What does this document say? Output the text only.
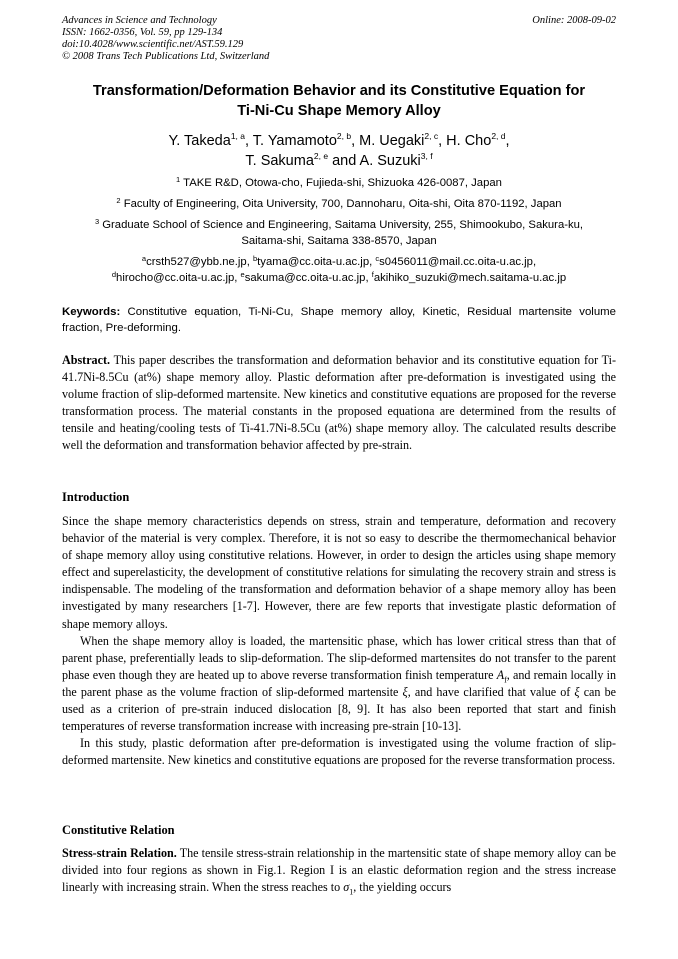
Advances in Science and Technology
ISSN: 1662-0356, Vol. 59, pp 129-134
doi:10.4028/www.scientific.net/AST.59.129
© 2008 Trans Tech Publications Ltd, Switzerland
Online: 2008-09-02
Transformation/Deformation Behavior and its Constitutive Equation for
Ti-Ni-Cu Shape Memory Alloy
Y. Takeda$^{1, a}$, T. Yamamoto$^{2, b}$, M. Uegaki$^{2, c}$, H. Cho$^{2, d}$,
T. Sakuma$^{2, e}$ and A. Suzuki$^{3, f}$
$^1$ TAKE R&D, Otowa-cho, Fujieda-shi, Shizuoka 426-0087, Japan
$^2$ Faculty of Engineering, Oita University, 700, Dannoharu, Oita-shi, Oita 870-1192, Japan
$^3$ Graduate School of Science and Engineering, Saitama University, 255, Shimookubo, Sakura-ku,
Saitama-shi, Saitama 338-8570, Japan
$^a$crsth527@ybb.ne.jp, $^b$tyama@cc.oita-u.ac.jp, $^c$s0456011@mail.cc.oita-u.ac.jp,
$^d$hirocho@cc.oita-u.ac.jp, $^e$sakuma@cc.oita-u.ac.jp, $^f$akihiko_suzuki@mech.saitama-u.ac.jp
Keywords: Constitutive equation, Ti-Ni-Cu, Shape memory alloy, Kinetic, Residual martensite volume fraction, Pre-deforming.

Abstract. This paper describes the transformation and deformation behavior and its constitutive equation for Ti-41.7Ni-8.5Cu (at%) shape memory alloy. Plastic deformation after pre-deformation is investigated using the volume fraction of slip-deformed martensite. New kinetics and constitutive equations are proposed for the reverse transformation process. The material constants in the proposed equationa are determined from the results of tensile and heating/cooling tests of Ti-41.7Ni-8.5Cu (at%) shape memory alloy. The calculated results describe well the deformation and transformation behavior affected by pre-strain.

Introduction

Since the shape memory characteristics depends on stress, strain and temperature, deformation and recovery behavior of the material is very complex. Therefore, it is not so easy to describe the thermomechanical behavior of shape memory alloy using constitutive relations. However, in order to design the articles using shape memory effect and superelasticity, the development of constitutive relations for simulating the recovery strain and stress is indispensable. The modeling of the transformation and deformation behavior of a shape memory alloy has been investigated by many researchers [1-7]. However, there are few reports that investigate plastic deformation of shape memory alloys.

When the shape memory alloy is loaded, the martensitic phase, which has lower critical stress than that of parent phase, preferentially leads to slip-deformation. The slip-deformed martensites do not transfer to the parent phase even though they are heated up to above reverse transformation finish temperature $A_f$, and remain locally in the parent phase as the volume fraction of slip-deformed martensite ξ, and have clarified that value of ξ can be used as a criterion of pre-strain induced dislocation [8, 9]. It has also been reported that start and finish temperatures of reverse transformation increase with increasing pre-strain [10-13].

In this study, plastic deformation after pre-deformation is investigated using the volume fraction of slip-deformed martensite. New kinetics and constitutive equations are proposed for the reverse transformation process.

Constitutive Relation

Stress-strain Relation. The tensile stress-strain relationship in the martensitic state of shape memory alloy can be divided into four regions as shown in Fig.1. Region I is an elastic deformation region and the stress increase linearly with increasing strain. When the stress reaches to $\sigma_1$, the yielding occurs
